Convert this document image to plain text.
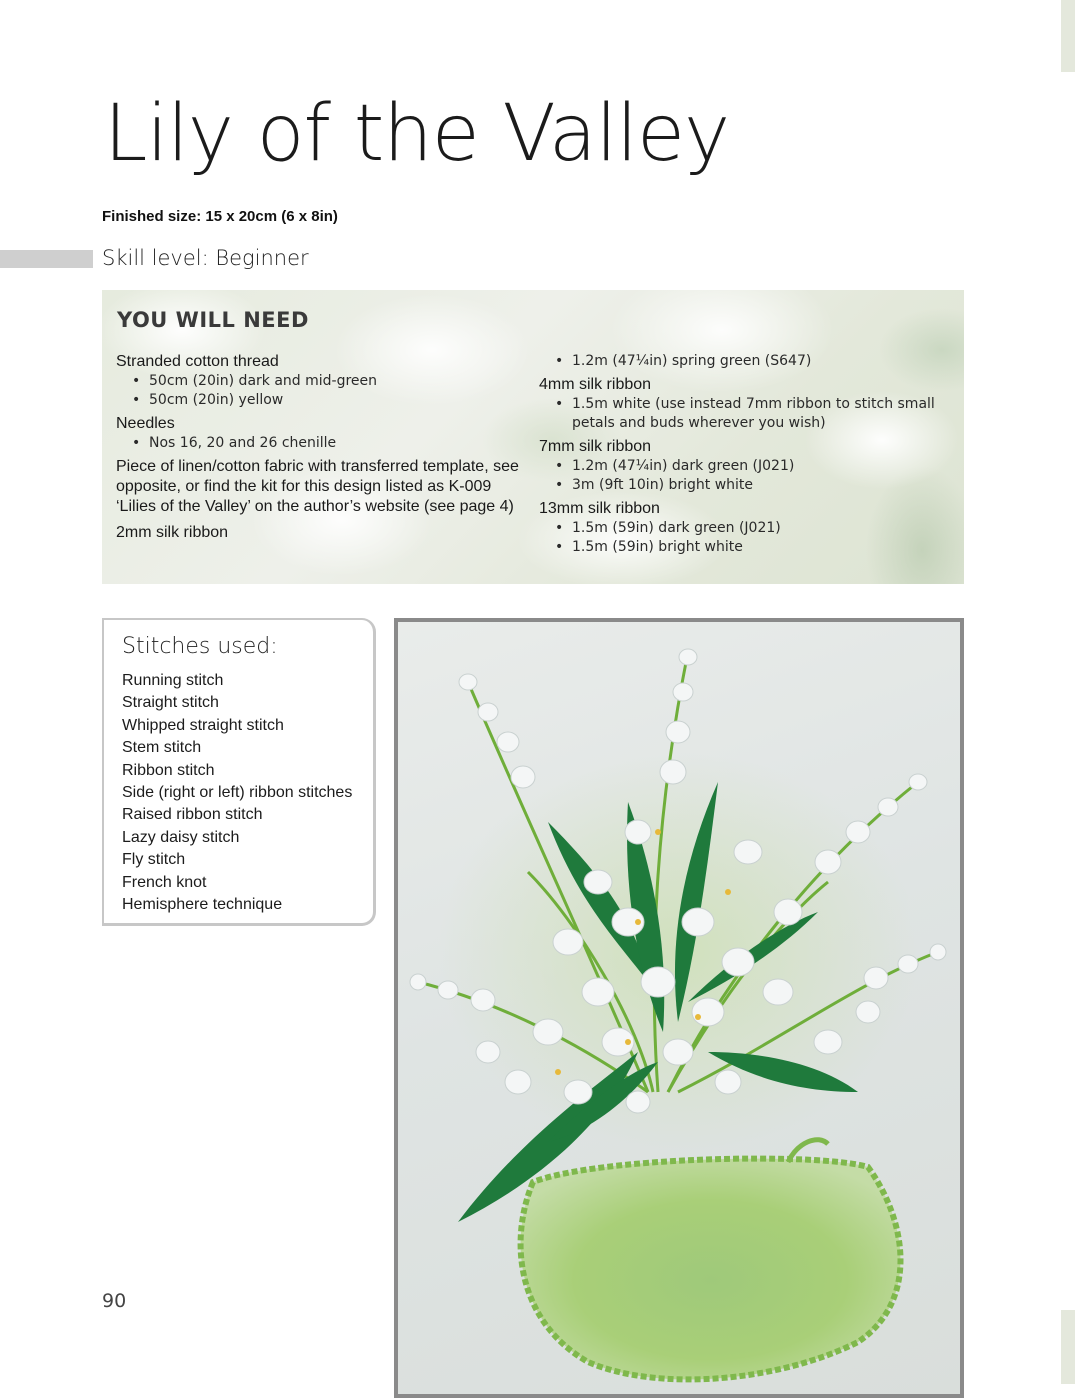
Lily of the Valley
Finished size: 15 x 20cm (6 x 8in)
Skill level: Beginner
YOU WILL NEED
Stranded cotton thread
• 50cm (20in) dark and mid-green
• 50cm (20in) yellow
Needles
• Nos 16, 20 and 26 chenille

Piece of linen/cotton fabric with transferred template, see opposite, or find the kit for this design listed as K-009 ‘Lilies of the Valley’ on the author’s website (see page 4)

2mm silk ribbon

• 1.2m (47¼in) spring green (S647)
4mm silk ribbon
• 1.5m white (use instead 7mm ribbon to stitch small petals and buds wherever you wish)
7mm silk ribbon
• 1.2m (47¼in) dark green (J021)
• 3m (9ft 10in) bright white
13mm silk ribbon
• 1.5m (59in) dark green (J021)
• 1.5m (59in) bright white
Stitches used:
Running stitch
Straight stitch
Whipped straight stitch
Stem stitch
Ribbon stitch
Side (right or left) ribbon stitches
Raised ribbon stitch
Lazy daisy stitch
Fly stitch
French knot
Hemisphere technique
90
